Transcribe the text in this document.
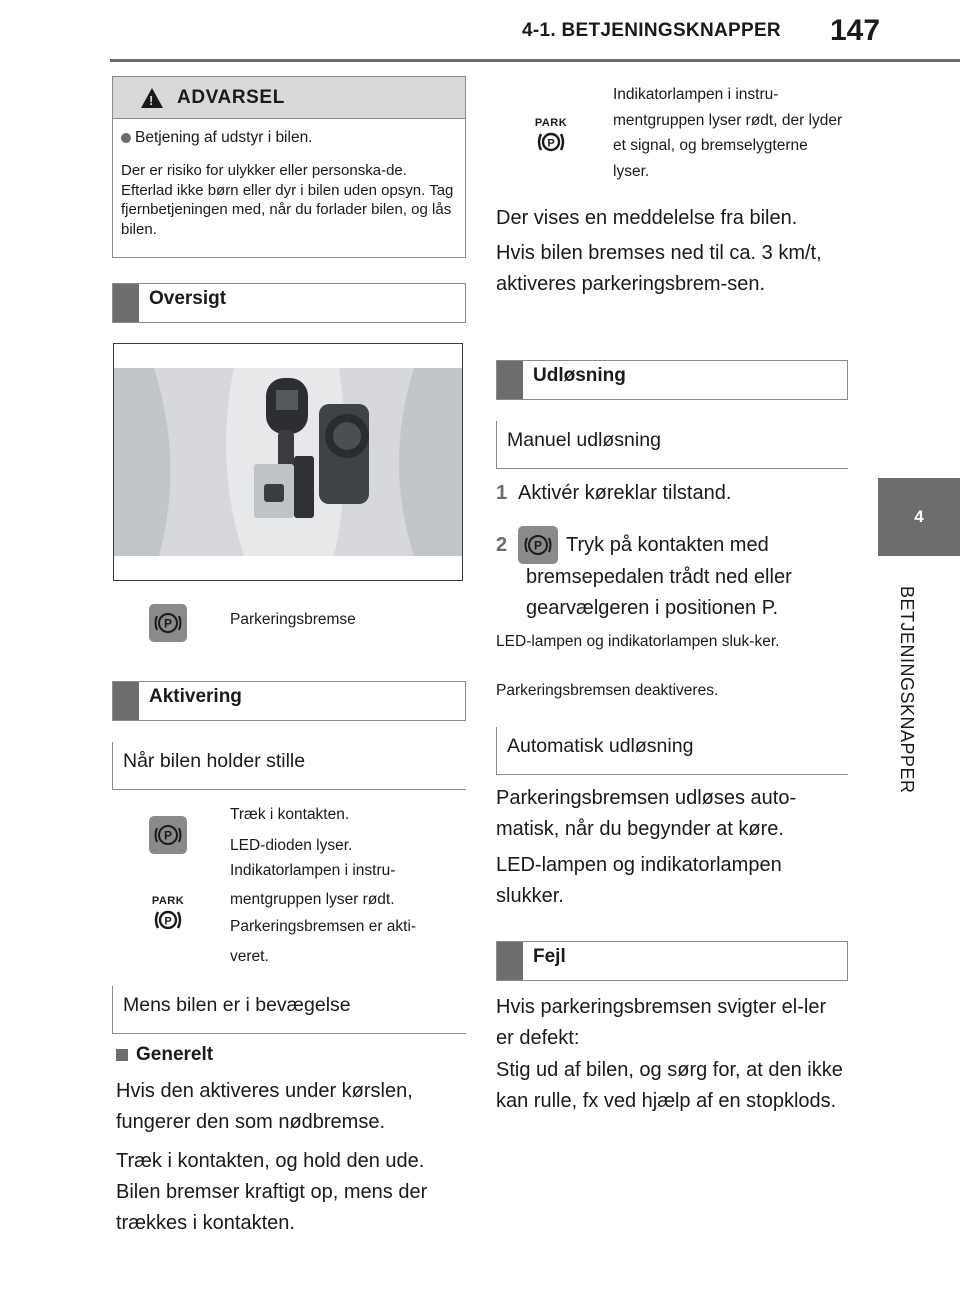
4-1. BETJENINGSKNAPPER 147
4
BETJENINGSKNAPPER
! ADVARSEL
Betjening af udstyr i bilen.
Der er risiko for ulykker eller personska-de. Efterlad ikke børn eller dyr i bilen uden opsyn. Tag fjernbetjeningen med, når du forlader bilen, og lås bilen.
Oversigt
P	Parkeringsbremse
Aktivering
Når bilen holder stille
P
PARK
P
Træk i kontakten.
LED-dioden lyser.
Indikatorlampen i instru-
mentgruppen lyser rødt.
Parkeringsbremsen er akti-
veret.
Mens bilen er i bevægelse
Generelt
Hvis den aktiveres under kørslen, fungerer den som nødbremse.
Træk i kontakten, og hold den ude. Bilen bremser kraftigt op, mens der trækkes i kontakten.
PARK
P
Indikatorlampen i instru-mentgruppen lyser rødt, der lyder et signal, og bremselygterne lyser.
Der vises en meddelelse fra bilen.
Hvis bilen bremses ned til ca. 3 km/t, aktiveres parkeringsbrem-sen.
Udløsning
Manuel udløsning
1 Aktivér køreklar tilstand.
2	P Tryk på kontakten med
bremsepedalen trådt ned eller gearvælgeren i positionen P.
LED-lampen og indikatorlampen sluk-ker.
Parkeringsbremsen deaktiveres.
Automatisk udløsning
Parkeringsbremsen udløses auto-matisk, når du begynder at køre.
LED-lampen og indikatorlampen slukker.
Fejl
Hvis parkeringsbremsen svigter el-ler er defekt:
Stig ud af bilen, og sørg for, at den ikke kan rulle, fx ved hjælp af en stopklods.
